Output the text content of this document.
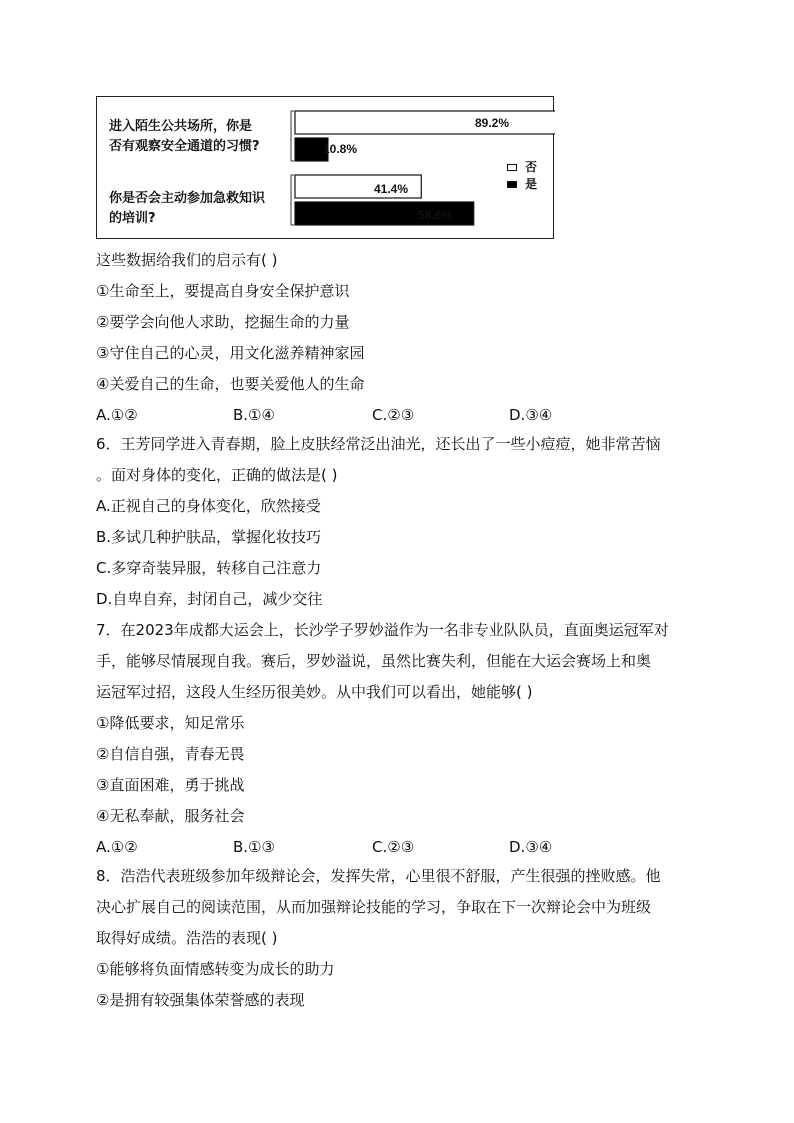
进入陌生公共场所，你是
否有观察安全通道的习惯?
你是否会主动参加急救知识
的培训?
89.2%
10.8%
41.4%
58.6%
否
是
这些数据给我们的启示有( )
①生命至上，要提高自身安全保护意识
②要学会向他人求助，挖掘生命的力量
③守住自己的心灵，用文化滋养精神家园
④关爱自己的生命，也要关爱他人的生命
A.①②	B.①④	C.②③	D.③④
6．王芳同学进入青春期，脸上皮肤经常泛出油光，还长出了一些小痘痘，她非常苦恼
。面对身体的变化，正确的做法是( )
A.正视自己的身体变化，欣然接受
B.多试几种护肤品，掌握化妆技巧
C.多穿奇装异服，转移自己注意力
D.自卑自弃，封闭自己，减少交往
7．在2023年成都大运会上，长沙学子罗妙溢作为一名非专业队队员，直面奥运冠军对
手，能够尽情展现自我。赛后，罗妙溢说，虽然比赛失利，但能在大运会赛场上和奥
运冠军过招，这段人生经历很美妙。从中我们可以看出，她能够( )
①降低要求，知足常乐
②自信自强，青春无畏
③直面困难，勇于挑战
④无私奉献，服务社会
A.①②	B.①③	C.②③	D.③④
8．浩浩代表班级参加年级辩论会，发挥失常，心里很不舒服，产生很强的挫败感。他
决心扩展自己的阅读范围，从而加强辩论技能的学习，争取在下一次辩论会中为班级
取得好成绩。浩浩的表现( )
①能够将负面情感转变为成长的助力
②是拥有较强集体荣誉感的表现
